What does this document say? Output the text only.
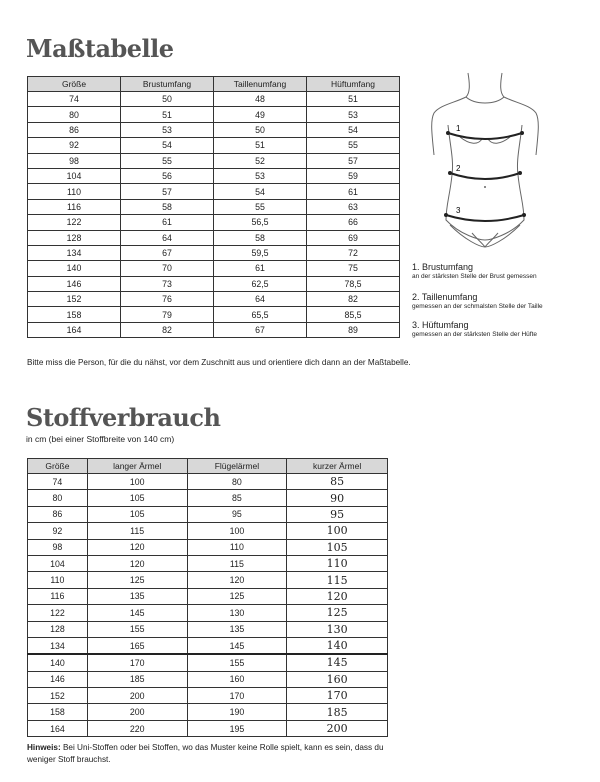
Maßtabelle
Größe	Brustumfang	Taillenumfang	Hüftumfang
74	50	48	51
80	51	49	53
86	53	50	54
92	54	51	55
98	55	52	57
104	56	53	59
110	57	54	61
116	58	55	63
122	61	56,5	66
128	64	58	69
134	67	59,5	72
140	70	61	75
146	73	62,5	78,5
152	76	64	82
158	79	65,5	85,5
164	82	67	89
Bitte miss die Person, für die du nähst, vor dem Zuschnitt aus und orientiere dich dann an der Maßtabelle.
1
2
3
1. Brustumfang
an der stärksten Stelle der Brust gemessen
2. Taillenumfang
gemessen an der schmalsten Stelle der Taille
3. Hüftumfang
gemessen an der stärksten Stelle der Hüfte
Stoffverbrauch
in cm (bei einer Stoffbreite von 140 cm)
Größe	langer Ärmel	Flügelärmel	kurzer Ärmel
74	100	80	85
80	105	85	90
86	105	95	95
92	115	100	100
98	120	110	105
104	120	115	110
110	125	120	115
116	135	125	120
122	145	130	125
128	155	135	130
134	165	145	140
140	170	155	145
146	185	160	160
152	200	170	170
158	200	190	185
164	220	195	200
Hinweis: Bei Uni-Stoffen oder bei Stoffen, wo das Muster keine Rolle spielt, kann es sein, dass du weniger Stoff brauchst.
